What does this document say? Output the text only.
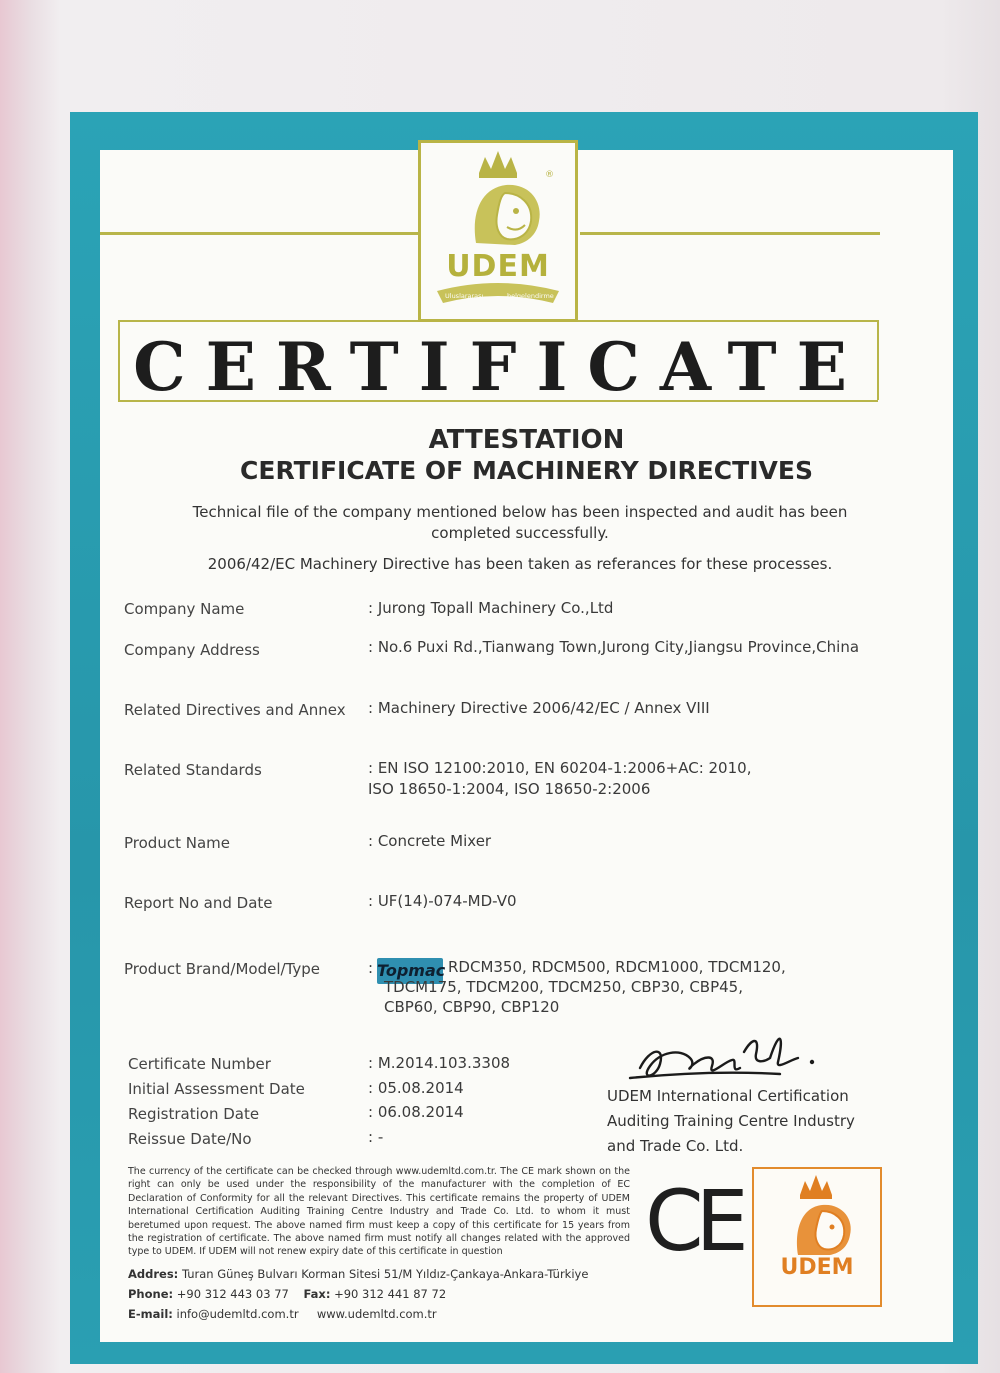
®
Uluslararası	belgelendirme
UDEM
CERTIFICATE
ATTESTATION
CERTIFICATE OF MACHINERY DIRECTIVES
Technical file of the company mentioned below has been inspected and audit has been completed successfully.
2006/42/EC Machinery Directive has been taken as referances for these processes.
Company Name	: Jurong Topall Machinery Co.,Ltd
Company Address	: No.6 Puxi Rd.,Tianwang Town,Jurong City,Jiangsu Province,China
Related Directives and Annex : Machinery Directive 2006/42/EC / Annex VIII
Related Standards	: EN ISO 12100:2010, EN 60204-1:2006+AC: 2010,
ISO 18650-1:2004, ISO 18650-2:2006
Product Name	: Concrete Mixer
Report No and Date	: UF(14)-074-MD-V0
Product Brand/Model/Type	: Topmac RDCM350, RDCM500, RDCM1000, TDCM120,
TDCM175, TDCM200, TDCM250, CBP30, CBP45,
CBP60, CBP90, CBP120
Certificate Number	: M.2014.103.3308
Initial Assessment Date	: 05.08.2014
Registration Date	: 06.08.2014
Reissue Date/No	: -
UDEM International Certification
Auditing Training Centre Industry
and Trade Co. Ltd.
The currency of the certificate can be checked through www.udemltd.com.tr. The CE mark shown on the right can only be used under the responsibility of the manufacturer with the completion of EC Declaration of Conformity for all the relevant Directives. This certificate remains the property of UDEM International Certification Auditing Training Centre Industry and Trade Co. Ltd. to whom it must beretumed upon request. The above named firm must keep a copy of this certificate for 15 years from the registration of certificate. The above named firm must notify all changes related with the approved type to UDEM. If UDEM will not renew expiry date of this certificate in question
Addres: Turan Güneş Bulvarı Korman Sitesi 51/M Yıldız-Çankaya-Ankara-Türkiye
Phone: +90 312 443 03 77 Fax: +90 312 441 87 72
E-mail: info@udemltd.com.tr www.udemltd.com.tr
CE	UDEM
